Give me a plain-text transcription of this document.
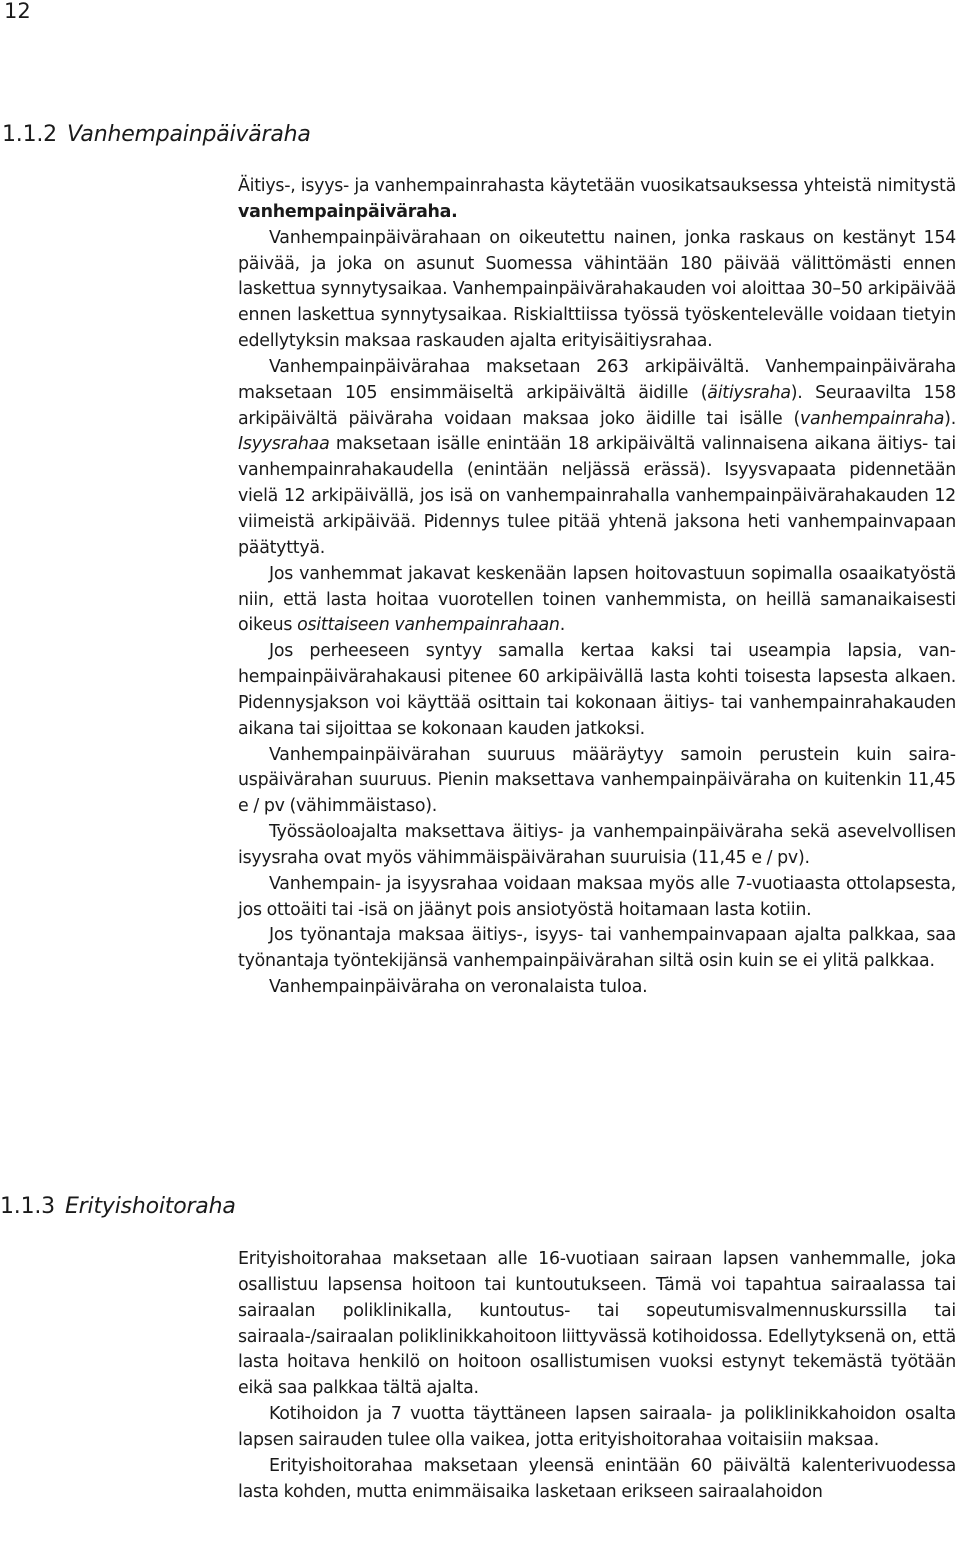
12
1.1.2 Vanhempainpäiväraha

Äitiys-, isyys- ja vanhempainrahasta käytetään vuosikatsauksessa yhteistä nimitystä vanhempainpäiväraha.

Vanhempainpäivärahaan on oikeutettu nainen, jonka raskaus on kestänyt 154 päivää, ja joka on asunut Suomessa vähintään 180 päivää välittömästi ennen laskettua synnytysaikaa. Vanhempainpäivärahakauden voi aloittaa 30–50 arkipäivää ennen laskettua synnytysaikaa. Riskialttiissa työssä työskentelevälle voidaan tietyin edellytyksin maksaa raskauden ajalta erityisäitiysrahaa.

Vanhempainpäivärahaa maksetaan 263 arkipäivältä. Vanhempainpäiväraha maksetaan 105 ensimmäiseltä arkipäivältä äidille (äitiysraha). Seuraavilta 158 arkipäivältä päiväraha voidaan maksaa joko äidille tai isälle (vanhempainraha). Isyysrahaa maksetaan isälle enintään 18 arkipäivältä valinnaisena aikana äitiys- tai vanhempainrahakaudella (enintään neljässä erässä). Isyysvapaata pidennetään vielä 12 arkipäivällä, jos isä on vanhempainrahalla vanhempainpäivärahakauden 12 viimeistä arkipäivää. Pidennys tulee pitää yhtenä jaksona heti vanhempainvapaan päätyttyä.

Jos vanhemmat jakavat keskenään lapsen hoitovastuun sopimalla osaaikatyöstä niin, että lasta hoitaa vuorotellen toinen vanhemmista, on heillä samanaikaisesti oikeus osittaiseen vanhempainrahaan.

Jos perheeseen syntyy samalla kertaa kaksi tai useampia lapsia, vanhempainpäivärahakausi pitenee 60 arkipäivällä lasta kohti toisesta lapsesta alkaen. Pidennysjakson voi käyttää osittain tai kokonaan äitiys- tai vanhempainrahakauden aikana tai sijoittaa se kokonaan kauden jatkoksi.

Vanhempainpäivärahan suuruus määräytyy samoin perustein kuin sairauspäivärahan suuruus. Pienin maksettava vanhempainpäiväraha on kuitenkin 11,45 e / pv (vähimmäistaso).

Työssäoloajalta maksettava äitiys- ja vanhempainpäiväraha sekä asevelvollisen isyysraha ovat myös vähimmäispäivärahan suuruisia (11,45 e / pv).

Vanhempain- ja isyysrahaa voidaan maksaa myös alle 7-vuotiaasta ottolapsesta, jos ottoäiti tai -isä on jäänyt pois ansiotyöstä hoitamaan lasta kotiin.

Jos työnantaja maksaa äitiys-, isyys- tai vanhempainvapaan ajalta palkkaa, saa työnantaja työntekijänsä vanhempainpäivärahan siltä osin kuin se ei ylitä palkkaa.

Vanhempainpäiväraha on veronalaista tuloa.

1.1.3 Erityishoitoraha

Erityishoitorahaa maksetaan alle 16-vuotiaan sairaan lapsen vanhemmalle, joka osallistuu lapsensa hoitoon tai kuntoutukseen. Tämä voi tapahtua sairaalassa tai sairaalan poliklinikalla, kuntoutus- tai sopeutumisvalmennuskurssilla tai sairaala-/sairaalan poliklinikkahoitoon liittyvässä kotihoidossa. Edellytyksenä on, että lasta hoitava henkilö on hoitoon osallistumisen vuoksi estynyt tekemästä työtään eikä saa palkkaa tältä ajalta.

Kotihoidon ja 7 vuotta täyttäneen lapsen sairaala- ja poliklinikkahoidon osalta lapsen sairauden tulee olla vaikea, jotta erityishoitorahaa voitaisiin maksaa.

Erityishoitorahaa maksetaan yleensä enintään 60 päivältä kalenterivuodessa lasta kohden, mutta enimmäisaika lasketaan erikseen sairaalahoidon
